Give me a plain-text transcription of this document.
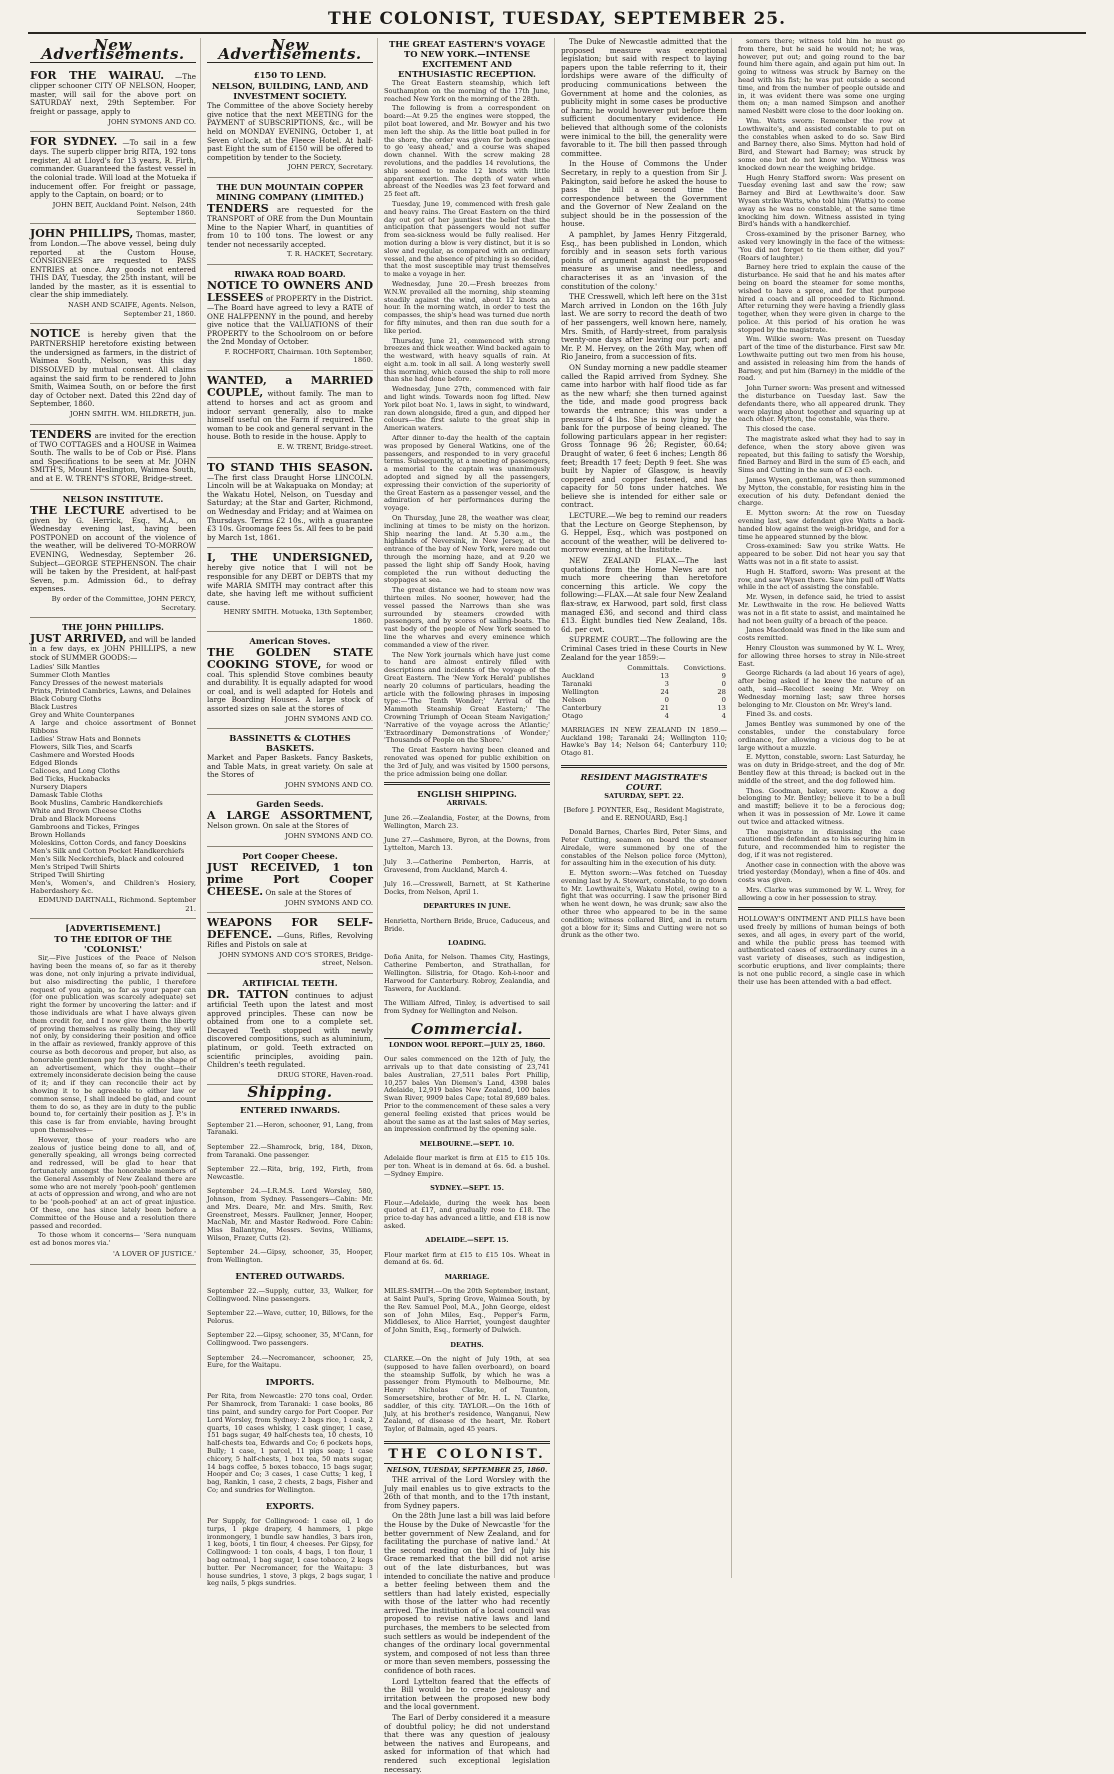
THE COLONIST, TUESDAY, SEPTEMBER 25.
New Advertisements.

FOR THE WAIRAU. —The clipper schooner CITY OF NELSON, Hooper, master, will sail for the above port on SATURDAY next, 29th September. For freight or passage, apply to

JOHN SYMONS AND CO.

FOR SYDNEY. —To sail in a few days. The superb clipper brig RITA, 192 tons register, Al at Lloyd's for 13 years, R. Firth, commander. Guaranteed the fastest vessel in the colonial trade. Will load at the Motueka if inducement offer. For freight or passage, apply to the Captain, on board; or to

JOHN BEIT, Auckland Point. Nelson, 24th September 1860.

JOHN PHILLIPS, Thomas, master, from London.—The above vessel, being duly reported at the Custom House, CONSIGNEES are requested to PASS ENTRIES at once. Any goods not entered THIS DAY, Tuesday, the 25th instant, will be landed by the master, as it is essential to clear the ship immediately.

NASH AND SCAIFE, Agents. Nelson, September 21, 1860.

NOTICE is hereby given that the PARTNERSHIP heretofore existing between the undersigned as farmers, in the district of Waimea South, Nelson, was this day DISSOLVED by mutual consent. All claims against the said firm to be rendered to John Smith, Waimea South, on or before the first day of October next. Dated this 22nd day of September, 1860.

JOHN SMITH. WM. HILDRETH, jun.

TENDERS are invited for the erection of TWO COTTAGES and a HOUSE in Waimea South. The walls to be of Cob or Pisé. Plans and Specifications to be seen at Mr. JOHN SMITH'S, Mount Heslington, Waimea South, and at E. W. TRENT'S STORE, Bridge-street.

NELSON INSTITUTE.

THE LECTURE advertised to be given by G. Herrick, Esq., M.A., on Wednesday evening last, having been POSTPONED on account of the violence of the weather, will be delivered TO-MORROW EVENING, Wednesday, September 26. Subject—GEORGE STEPHENSON. The chair will be taken by the President, at half-past Seven, p.m. Admission 6d., to defray expenses.

By order of the Committee, JOHN PERCY, Secretary.

THE JOHN PHILLIPS.

JUST ARRIVED, and will be landed in a few days, ex JOHN PHILLIPS, a new stock of SUMMER GOODS:—

Ladies' Silk Mantles
Summer Cloth Mantles
Fancy Dresses of the newest materials
Prints, Printed Cambrics, Lawns, and Delaines
Black Coburg Cloths
Black Lustres
Grey and White Counterpanes
A large and choice assortment of Bonnet Ribbons
Ladies' Straw Hats and Bonnets
Flowers, Silk Ties, and Scarfs
Cashmere and Worsted Hoods
Edged Blonds
Calicoes, and Long Cloths
Bed Ticks, Huckabacks
Nursery Diapers
Damask Table Cloths
Book Muslins, Cambric Handkerchiefs
White and Brown Cheese Cloths
Drab and Black Moreens
Gambroons and Tickes, Fringes
Brown Hollands
Moleskins, Cotton Cords, and fancy Doeskins
Men's Silk and Cotton Pocket Handkerchiefs
Men's Silk Neckerchiefs, black and coloured
Men's Striped Twill Shirts
Striped Twill Shirting
Men's, Women's, and Children's Hosiery, Haberdashery &c.

EDMUND DARTNALL, Richmond. September 21.

[ADVERTISEMENT.]

TO THE EDITOR OF THE 'COLONIST.'

Sir,—Five Justices of the Peace of Nelson having been the means of, so far as it thereby was done, not only injuring a private individual, but also misdirecting the public, I therefore request of you again, so far as your paper can (for one publication was scarcely adequate) set right the former by uncovering the latter: and if those individuals are what I have always given them credit for, and I now give them the liberty of proving themselves as really being, they will not only, by considering their position and office in the affair as reviewed, frankly approve of this course as both decorous and proper, but also, as honorable gentlemen pay for this in the shape of an advertisement, which they ought—their extremely inconsiderate decision being the cause of it; and if they can reconcile their act by showing it to be agreeable to either law or common sense, I shall indeed be glad, and count them to do so, as they are in duty to the public bound to, for certainly their position as J. P.'s in this case is far from enviable, having brought upon themselves—

However, those of your readers who are zealous of justice being done to all, and of, generally speaking, all wrongs being corrected and redressed, will be glad to hear that fortunately amongst the honorable members of the General Assembly of New Zealand there are some who are not merely 'pooh-pooh' gentlemen at acts of oppression and wrong, and who are not to be 'pooh-poohed' at an act of great injustice. Of these, one has since lately been before a Committee of the House and a resolution there passed and recorded.

To those whom it concerns— 'Sera nunquam est ad bonos mores via.'

'A LOVER OF JUSTICE.'

New Advertisements.

£150 TO LEND.

NELSON, BUILDING, LAND, AND INVESTMENT SOCIETY.

The Committee of the above Society hereby give notice that the next MEETING for the PAYMENT of SUBSCRIPTIONS, &c., will be held on MONDAY EVENING, October 1, at Seven o'clock, at the Fleece Hotel. At half-past Eight the sum of £150 will be offered to competition by tender to the Society.

JOHN PERCY, Secretary.

THE DUN MOUNTAIN COPPER MINING COMPANY (LIMITED.)

TENDERS are requested for the TRANSPORT of ORE from the Dun Mountain Mine to the Napier Wharf, in quantities of from 10 to 100 tons. The lowest or any tender not necessarily accepted.

T. R. HACKET, Secretary.

RIWAKA ROAD BOARD.

NOTICE TO OWNERS AND LESSEES of PROPERTY in the District.—The Board have agreed to levy a RATE of ONE HALFPENNY in the pound, and hereby give notice that the VALUATIONS of their PROPERTY to the Schoolroom on or before the 2nd Monday of October.

F. ROCHFORT, Chairman. 10th September, 1860.

WANTED, a MARRIED COUPLE, without family. The man to attend to horses and act as groom and indoor servant generally, also to make himself useful on the Farm if required. The woman to be cook and general servant in the house. Both to reside in the house. Apply to

E. W. TRENT, Bridge-street.

TO STAND THIS SEASON. —The first class Draught Horse LINCOLN. Lincoln will be at Wakapuaka on Monday; at the Wakatu Hotel, Nelson, on Tuesday and Saturday; at the Star and Garter, Richmond, on Wednesday and Friday; and at Waimea on Thursdays. Terms £2 10s., with a guarantee £3 10s. Groomage fees 5s. All fees to be paid by March 1st, 1861.

I, THE UNDERSIGNED, hereby give notice that I will not be responsible for any DEBT or DEBTS that my wife MARIA SMITH may contract after this date, she having left me without sufficient cause.

HENRY SMITH. Motueka, 13th September, 1860.

American Stoves.

THE GOLDEN STATE COOKING STOVE, for wood or coal. This splendid Stove combines beauty and durability. It is equally adapted for wood or coal, and is well adapted for Hotels and large Boarding Houses. A large stock of assorted sizes on sale at the stores of

JOHN SYMONS AND CO.

BASSINETTS & CLOTHES BASKETS.

Market and Paper Baskets. Fancy Baskets, and Table Mats, in great variety. On sale at the Stores of

JOHN SYMONS AND CO.

Garden Seeds.

A LARGE ASSORTMENT, Nelson grown. On sale at the Stores of

JOHN SYMONS AND CO.

Port Cooper Cheese.

JUST RECEIVED, 1 ton prime Port Cooper CHEESE. On sale at the Stores of

JOHN SYMONS AND CO.

WEAPONS FOR SELF-DEFENCE. —Guns, Rifles, Revolving Rifles and Pistols on sale at

JOHN SYMONS AND CO'S STORES, Bridge-street, Nelson.

ARTIFICIAL TEETH.

DR. TATTON continues to adjust artificial Teeth upon the latest and most approved principles. These can now be obtained from one to a complete set. Decayed Teeth stopped with newly discovered compositions, such as aluminium, platinum, or gold. Teeth extracted on scientific principles, avoiding pain. Children's teeth regulated.

DRUG STORE, Haven-road.

Shipping.

ENTERED INWARDS.

September 21.—Heron, schooner, 91, Lang, from Taranaki.

September 22.—Shamrock, brig, 184, Dixon, from Taranaki. One passenger.

September 22.—Rita, brig, 192, Firth, from Newcastle.

September 24.—I.R.M.S. Lord Worsley, 580, Johnson, from Sydney. Passengers—Cabin: Mr. and Mrs. Deare, Mr. and Mrs. Smith, Rev. Greenstreet, Messrs. Faulkner, Jenner, Hooper, MacNab, Mr. and Master Redwood. Fore Cabin: Miss Ballantyne, Messrs. Sevins, Williams, Wilson, Frazer, Cutts (2).

September 24.—Gipsy, schooner, 35, Hooper, from Wellington.

ENTERED OUTWARDS.

September 22.—Supply, cutter, 33, Walker, for Collingwood. Nine passengers.

September 22.—Wave, cutter, 10, Billows, for the Pelorus.

September 22.—Gipsy, schooner, 35, M'Cann, for Collingwood. Two passengers.

September 24.—Necromancer, schooner, 25, Eure, for the Waitapu.

IMPORTS.

Per Rita, from Newcastle: 270 tons coal, Order. Per Shamrock, from Taranaki: 1 case books, 86 tins paint, and sundry cargo for Port Cooper. Per Lord Worsley, from Sydney: 2 bags rice, 1 cask, 2 quarts, 10 cases whisky, 1 cask ginger, 1 case, 151 bags sugar, 49 half-chests tea, 10 chests, 10 half-chests tea, Edwards and Co; 6 pockets hops, Bully; 1 case, 1 parcel, 11 pigs soap; 1 case chicory, 5 half-chests, 1 box tea, 50 mats sugar, 14 bags coffee, 5 boxes tobacco, 15 bags sugar, Hooper and Co; 3 cases, 1 case Cutts; 1 keg, 1 bag, Rankin, 1 case, 2 chests, 2 bags, Fisher and Co; and sundries for Wellington.

EXPORTS.

Per Supply, for Collingwood: 1 case oil, 1 do turps, 1 pkge drapery, 4 hammers, 1 pkge ironmongery, 1 bundle saw handles, 3 bars iron, 1 keg, boots, 1 tin flour, 4 cheeses. Per Gipsy, for Collingwood: 1 ton coals, 4 bags, 1 ton flour, 1 bag oatmeal, 1 bag sugar, 1 case tobacco, 2 kegs butter. Per Necromancer, for the Waitapu: 3 house sundries, 1 stove, 3 pkgs, 2 bags sugar, 1 keg nails, 5 pkgs sundries.

THE GREAT EASTERN'S VOYAGE TO NEW YORK.—INTENSE EXCITEMENT AND ENTHUSIASTIC RECEPTION.

The Great Eastern steamship, which left Southampton on the morning of the 17th June, reached New York on the morning of the 28th.

The following is from a correspondent on board:—At 9.25 the engines were stopped, the pilot boat lowered, and Mr. Bowyer and his two men left the ship. As the little boat pulled in for the shore, the order was given for both engines to go 'easy ahead,' and a course was shaped down channel. With the screw making 28 revolutions, and the paddles 14 revolutions, the ship seemed to make 12 knots with little apparent exertion. The depth of water when abreast of the Needles was 23 feet forward and 25 feet aft.

Tuesday, June 19, commenced with fresh gale and heavy rains. The Great Eastern on the third day out got of her jauntiest the belief that the anticipation that passengers would not suffer from sea-sickness would be fully realised. Her motion during a blow is very distinct, but it is so slow and regular, as compared with an ordinary vessel, and the absence of pitching is so decided, that the most susceptible may trust themselves to make a voyage in her.

Wednesday, June 20.—Fresh breezes from W.N.W. prevailed all the morning, ship steaming steadily against the wind, about 12 knots an hour. In the morning watch, in order to test the compasses, the ship's head was turned due north for fifty minutes, and then ran due south for a like period.

Thursday, June 21, commenced with strong breezes and thick weather. Wind backed again to the westward, with heavy squalls of rain. At eight a.m. took in all sail. A long westerly swell this morning, which caused the ship to roll more than she had done before.

Wednesday, June 27th, commenced with fair and light winds. Towards noon fog lifted. New York pilot boat No. 1, laws in sight, to windward, ran down alongside, fired a gun, and dipped her colours—the first salute to the great ship in American waters.

After dinner to-day the health of the captain was proposed by General Watkins, one of the passengers, and responded to in very graceful terms. Subsequently, at a meeting of passengers, a memorial to the captain was unanimously adopted and signed by all the passengers, expressing their conviction of the superiority of the Great Eastern as a passenger vessel, and the admiration of her performances during the voyage.

On Thursday, June 28, the weather was clear, inclining at times to be misty on the horizon. Ship nearing the land. At 5.30 a.m., the highlands of Neversink, in New Jersey, at the entrance of the bay of New York, were made out through the morning haze, and at 9.20 we passed the light ship off Sandy Hook, having completed the run without deducting the stoppages at sea.

The great distance we had to steam now was thirteen miles. No sooner, however, had the vessel passed the Narrows than she was surrounded by steamers crowded with passengers, and by scores of sailing-boats. The vast body of the people of New York seemed to line the wharves and every eminence which commanded a view of the river.

The New York journals which have just come to hand are almost entirely filled with descriptions and incidents of the voyage of the Great Eastern. The 'New York Herald' publishes nearly 20 columns of particulars, heading the article with the following phrases in imposing type:—'The Tenth Wonder;' 'Arrival of the Mammoth Steamship Great Eastern;' 'The Crowning Triumph of Ocean Steam Navigation;' 'Narrative of the voyage across the Atlantic;' 'Extraordinary Demonstrations of Wonder;' 'Thousands of People on the Shore.'

The Great Eastern having been cleaned and renovated was opened for public exhibition on the 3rd of July, and was visited by 1500 persons, the price admission being one dollar.

ENGLISH SHIPPING.

ARRIVALS.

June 26.—Zealandia, Foster, at the Downs, from Wellington, March 23.

June 27.—Cashmere, Byron, at the Downs, from Lyttelton, March 13.

July 3.—Catherine Pemberton, Harris, at Gravesend, from Auckland, March 4.

July 16.—Cresswell, Barnett, at St Katherine Docks, from Nelson, April 1.

DEPARTURES IN JUNE.

Henrietta, Northern Bride, Bruce, Caduceus, and Bride.

LOADING.

Doña Anita, for Nelson. Thames City, Hastings, Catherine Pemberton, and Strathallan, for Wellington. Silistria, for Otago. Koh-i-noor and Harwood for Canterbury. Robroy, Zealandia, and Taswera, for Auckland.

The William Alfred, Tinley, is advertised to sail from Sydney for Wellington and Nelson.

Commercial.

LONDON WOOL REPORT.—JULY 25, 1860.

Our sales commenced on the 12th of July, the arrivals up to that date consisting of 23,741 bales Australian, 27,511 bales Port Phillip, 10,257 bales Van Diemen's Land, 4398 bales Adelaide, 12,919 bales New Zealand, 100 bales Swan River, 9909 bales Cape; total 89,689 bales. Prior to the commencement of these sales a very general feeling existed that prices would be about the same as at the last sales of May series, an impression confirmed by the opening sale.

MELBOURNE.—SEPT. 10.

Adelaide flour market is firm at £15 to £15 10s. per ton. Wheat is in demand at 6s. 6d. a bushel.—Sydney Empire.

SYDNEY.—SEPT. 15.

Flour.—Adelaide, during the week has been quoted at £17, and gradually rose to £18. The price to-day has advanced a little, and £18 is now asked.

ADELAIDE.—SEPT. 15.

Flour market firm at £15 to £15 10s. Wheat in demand at 6s. 6d.

MARRIAGE.

MILES-SMITH.—On the 20th September, instant, at Saint Paul's, Spring Grove, Waimea South, by the Rev. Samuel Pool, M.A., John George, eldest son of John Miles, Esq., Pepper's Farm, Middlesex, to Alice Harriet, youngest daughter of John Smith, Esq., formerly of Dulwich.

DEATHS.

CLARKE.—On the night of July 19th, at sea (supposed to have fallen overboard), on board the steamship Suffolk, by which he was a passenger from Plymouth to Melbourne, Mr. Henry Nicholas Clarke, of Taunton, Somersetshire, brother of Mr. H. L. N. Clarke, saddler, of this city. TAYLOR.—On the 16th of July, at his brother's residence, Wanganui, New Zealand, of disease of the heart, Mr. Robert Taylor, of Balmain, aged 45 years.

THE COLONIST.

NELSON, TUESDAY, SEPTEMBER 25, 1860.

THE arrival of the Lord Worsley with the July mail enables us to give extracts to the 26th of that month, and to the 17th instant, from Sydney papers.

On the 28th June last a bill was laid before the House by the Duke of Newcastle 'for the better government of New Zealand, and for facilitating the purchase of native land.' At the second reading on the 3rd of July his Grace remarked that the bill did not arise out of the late disturbances, but was intended to conciliate the native and produce a better feeling between them and the settlers than had lately existed, especially with those of the latter who had recently arrived. The institution of a local council was proposed to revise native laws and land purchases, the members to be selected from such settlers as would be independent of the changes of the ordinary local governmental system, and composed of not less than three or more than seven members, possessing the confidence of both races.

Lord Lyttelton feared that the effects of the Bill would be to create jealousy and irritation between the proposed new body and the local government.

The Earl of Derby considered it a measure of doubtful policy; he did not understand that there was any question of jealousy between the natives and Europeans, and asked for information of that which had rendered such exceptional legislation necessary.

The Duke of Newcastle admitted that the proposed measure was exceptional legislation; but said with respect to laying papers upon the table referring to it, their lordships were aware of the difficulty of producing communications between the Government at home and the colonies, as publicity might in some cases be productive of harm; he would however put before them sufficient documentary evidence. He believed that although some of the colonists were inimical to the bill, the generality were favorable to it. The bill then passed through committee.

In the House of Commons the Under Secretary, in reply to a question from Sir J. Pakington, said before he asked the house to pass the bill a second time the correspondence between the Government and the Governor of New Zealand on the subject should be in the possession of the house.

A pamphlet, by James Henry Fitzgerald, Esq., has been published in London, which forcibly and in season sets forth various points of argument against the proposed measure as unwise and needless, and characterises it as an 'invasion of the constitution of the colony.'

THE Cresswell, which left here on the 31st March arrived in London on the 16th July last. We are sorry to record the death of two of her passengers, well known here, namely, Mrs. Smith, of Hardy-street, from paralysis twenty-one days after leaving our port; and Mr. P. M. Hervey, on the 26th May, when off Rio Janeiro, from a succession of fits.

ON Sunday morning a new paddle steamer called the Rapid arrived from Sydney. She came into harbor with half flood tide as far as the new wharf; she then turned against the tide, and made good progress back towards the entrance; this was under a pressure of 4 lbs. She is now lying by the bank for the purpose of being cleaned. The following particulars appear in her register: Gross Tonnage 96 26; Register, 60.64; Draught of water, 6 feet 6 inches; Length 86 feet; Breadth 17 feet; Depth 9 feet. She was built by Napier of Glasgow, is heavily coppered and copper fastened, and has capacity for 50 tons under hatches. We believe she is intended for either sale or contract.

LECTURE.—We beg to remind our readers that the Lecture on George Stephenson, by G. Heppel, Esq., which was postponed on account of the weather, will be delivered to-morrow evening, at the Institute.

NEW ZEALAND FLAX.—The last quotations from the Home News are not much more cheering than heretofore concerning this article. We copy the following:—FLAX.—At sale four New Zealand flax-straw, ex Harwood, part sold, first class managed £36, and second and third class £13. Eight bundles tied New Zealand, 18s. 6d. per cwt.

SUPREME COURT.—The following are the Criminal Cases tried in these Courts in New Zealand for the year 1859:—

	Committals.	Convictions.
Auckland	13	9
Taranaki	3	0
Wellington	24	28
Nelson	0	0
Canterbury	21	13
Otago	4	4

MARRIAGES IN NEW ZEALAND IN 1859.—Auckland 198; Taranaki 24; Wellington 110; Hawke's Bay 14; Nelson 64; Canterbury 110; Otago 81.

RESIDENT MAGISTRATE'S COURT.

SATURDAY, SEPT. 22.

[Before J. POYNTER, Esq., Resident Magistrate, and E. RENOUARD, Esq.]

Donald Barnes, Charles Bird, Peter Sims, and Peter Cutting, seamen on board the steamer Airedale, were summoned by one of the constables of the Nelson police force (Mytton), for assaulting him in the execution of his duty.

E. Mytton sworn:—Was fetched on Tuesday evening last by A. Stewart, constable, to go down to Mr. Lowthwaite's, Wakatu Hotel, owing to a fight that was occurring. I saw the prisoner Bird when he went down, he was drunk; saw also the other three who appeared to be in the same condition; witness collared Bird, and in return got a blow for it; Sims and Cutting were not so drunk as the other two.

somers there; witness told him he must go from there, but he said he would not; he was, however, put out; and going round to the bar found him there again, and again put him out. In going to witness was struck by Barney on the head with his fist; he was put outside a second time, and from the number of people outside and in, it was evident there was some one urging them on; a man named Simpson and another named Nesbitt were close to the door looking on.

Wm. Watts sworn: Remember the row at Lowthwaite's, and assisted constable to put on the constables when asked to do so. Saw Bird and Barney there, also Sims. Mytton had hold of Bird, and Stewart had Barney; was struck by some one but do not know who. Witness was knocked down near the weighing bridge.

Hugh Henry Stafford sworn: Was present on Tuesday evening last and saw the row; saw Barney and Bird at Lewthwaite's door. Saw Wysen strike Watts, who told him (Watts) to come away as he was no constable, at the same time knocking him down. Witness assisted in tying Bird's hands with a handkerchief.

Cross-examined by the prisoner Barney, who asked very knowingly in the face of the witness: 'You did not forget to tie them either, did you?' (Roars of laughter.)

Barney here tried to explain the cause of the disturbance. He said that he and his mates after being on board the steamer for some months, wished to have a spree, and for that purpose hired a coach and all proceeded to Richmond. After returning they were having a friendly glass together, when they were given in charge to the police. At this period of his oration he was stopped by the magistrate.

Wm. Wilkie sworn: Was present on Tuesday part of the time of the disturbance. First saw Mr. Lowthwaite putting out two men from his house, and assisted in releasing him from the hands of Barney, and put him (Barney) in the middle of the road.

John Turner sworn: Was present and witnessed the disturbance on Tuesday last. Saw the defendants there, who all appeared drunk. They were playing about together and squaring up at each other. Mytton, the constable, was there.

This closed the case.

The magistrate asked what they had to say in defence, when the story above given was repeated, but this failing to satisfy the Worship, fined Barney and Bird in the sum of £5 each, and Sims and Cutting in the sum of £3 each.

James Wysen, gentleman, was then summoned by Mytton, the constable, for resisting him in the execution of his duty. Defendant denied the charge.

E. Mytton sworn: At the row on Tuesday evening last, saw defendant give Watts a back-handed blow against the weigh-bridge, and for a time he appeared stunned by the blow.

Cross-examined: Saw you strike Watts. He appeared to be sober. Did not hear you say that Watts was not in a fit state to assist.

Hugh H. Stafford, sworn: Was present at the row, and saw Wysen there. Saw him pull off Watts while in the act of assisting the constable.

Mr. Wysen, in defence said, he tried to assist Mr. Lewthwaite in the row. He believed Watts was not in a fit state to assist, and maintained he had not been guilty of a breach of the peace.

Janes Macdonald was fined in the like sum and costs remitted.

Henry Clouston was summoned by W. L. Wrey, for allowing three horses to stray in Nile-street East.

George Richards (a lad about 16 years of age), after being asked if he knew the nature of an oath, said—Recollect seeing Mr. Wrey on Wednesday morning last; saw three horses belonging to Mr. Clouston on Mr. Wrey's land.

Fined 3s. and costs.

James Bentley was summoned by one of the constables, under the constabulary force ordinance, for allowing a vicious dog to be at large without a muzzle.

E. Mytton, constable, sworn: Last Saturday, he was on duty in Bridge-street, and the dog of Mr. Bentley flew at this thread; is backed out in the middle of the street, and the dog followed him.

Thos. Goodman, baker, sworn: Know a dog belonging to Mr. Bentley; believe it to be a bull and mastiff; believe it to be a ferocious dog; when it was in possession of Mr. Lowe it came out twice and attacked witness.

The magistrate in dismissing the case cautioned the defendant as to his securing him in future, and recommended him to register the dog, if it was not registered.

Another case in connection with the above was tried yesterday (Monday), when a fine of 40s. and costs was given.

Mrs. Clarke was summoned by W. L. Wrey, for allowing a cow in her possession to stray.

HOLLOWAY'S OINTMENT AND PILLS have been used freely by millions of human beings of both sexes, and all ages, in every part of the world, and while the public press has teemed with authenticated cases of extraordinary cures in a vast variety of diseases, such as indigestion, scorbutic eruptions, and liver complaints; there is not one public record, a single case in which their use has been attended with a bad effect.
